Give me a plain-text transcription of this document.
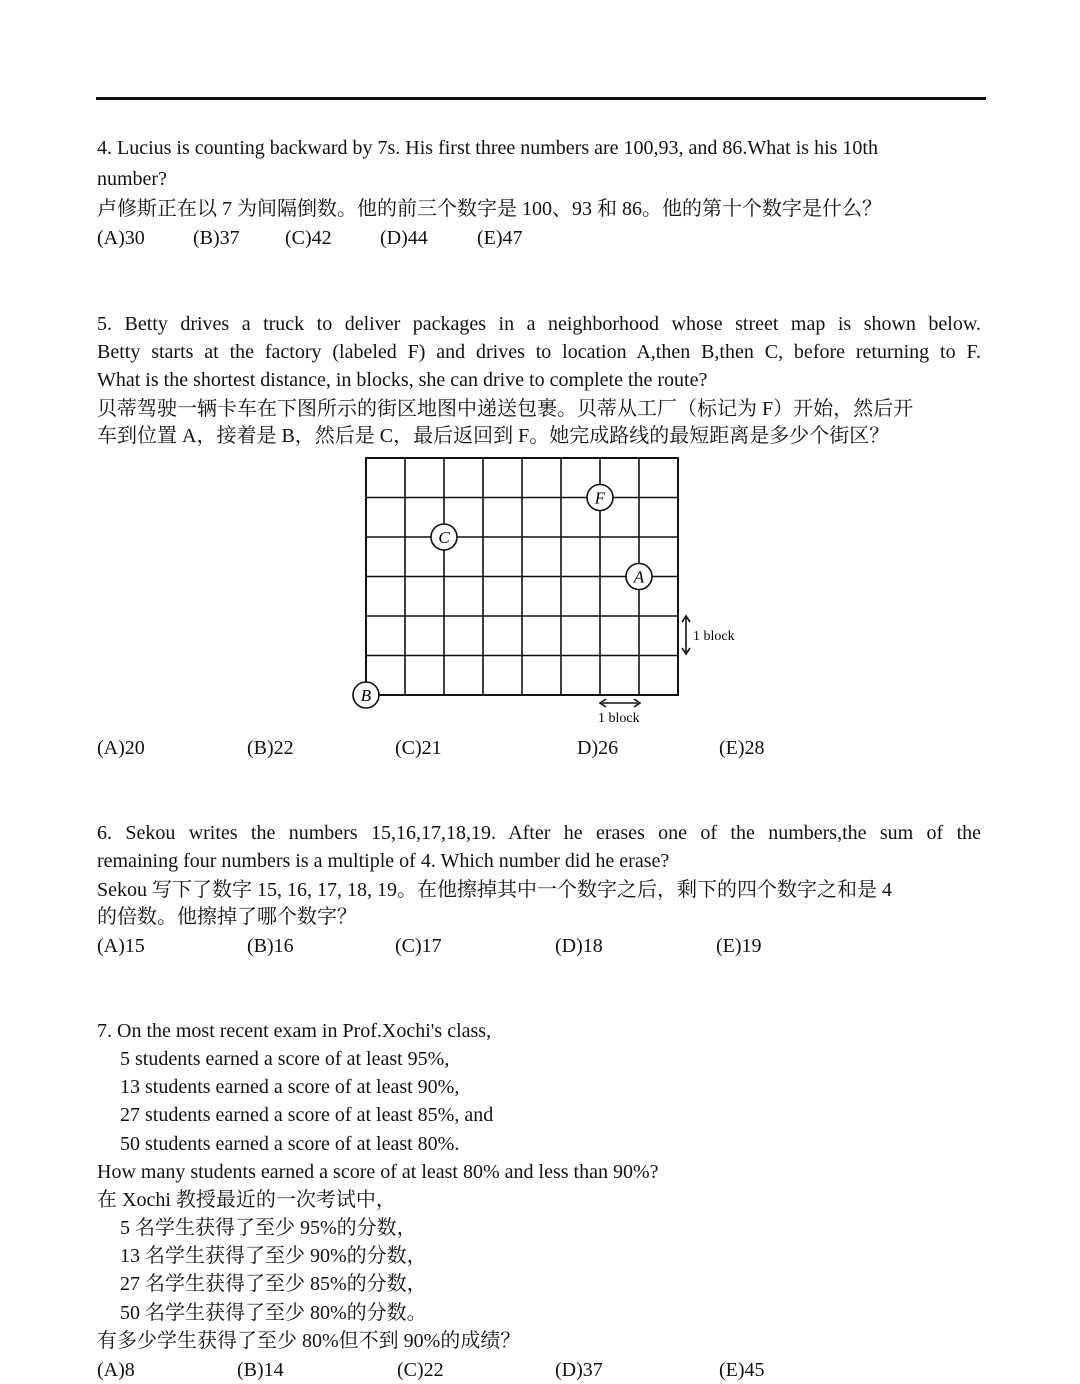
4. Lucius is counting backward by 7s. His first three numbers are 100,93, and 86.What is his 10th
number?
卢修斯正在以 7 为间隔倒数。他的前三个数字是 100、93 和 86。他的第十个数字是什么？
(A)30 (B)37 (C)42 (D)44 (E)47
5. Betty drives a truck to deliver packages in a neighborhood whose street map is shown below.
Betty starts at the factory (labeled F) and drives to location A,then B,then C, before returning to F.
What is the shortest distance, in blocks, she can drive to complete the route?
贝蒂驾驶一辆卡车在下图所示的街区地图中递送包裹。贝蒂从工厂（标记为 F）开始，然后开
车到位置 A，接着是 B，然后是 C，最后返回到 F。她完成路线的最短距离是多少个街区？
F
C
A
B
1 block
1 block
(A)20	(B)22	(C)21	D)26	(E)28
6. Sekou writes the numbers 15,16,17,18,19. After he erases one of the numbers,the sum of the
remaining four numbers is a multiple of 4. Which number did he erase?
Sekou 写下了数字 15, 16, 17, 18, 19。在他擦掉其中一个数字之后，剩下的四个数字之和是 4
的倍数。他擦掉了哪个数字？
(A)15	(B)16	(C)17	(D)18	(E)19
7. On the most recent exam in Prof.Xochi's class,
5 students earned a score of at least 95%,
13 students earned a score of at least 90%,
27 students earned a score of at least 85%, and
50 students earned a score of at least 80%.
How many students earned a score of at least 80% and less than 90%?
在 Xochi 教授最近的一次考试中，
5 名学生获得了至少 95%的分数，
13 名学生获得了至少 90%的分数，
27 名学生获得了至少 85%的分数，
50 名学生获得了至少 80%的分数。
有多少学生获得了至少 80%但不到 90%的成绩？
(A)8	(B)14	(C)22	(D)37	(E)45
